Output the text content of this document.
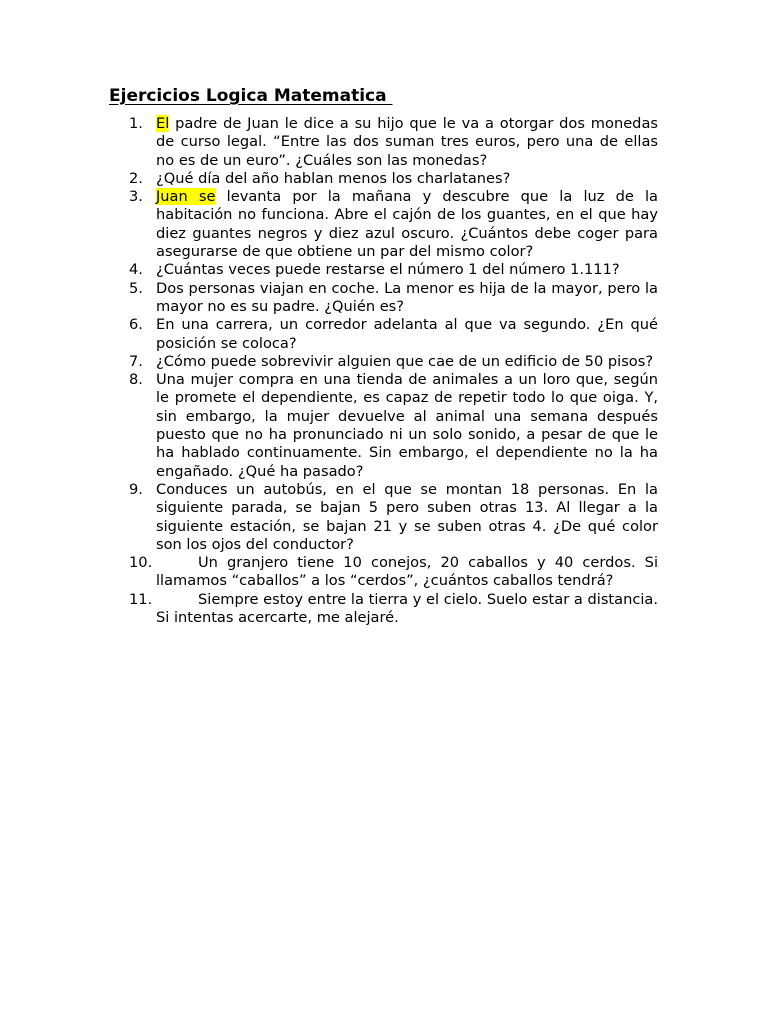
Ejercicios Logica Matematica
1. El padre de Juan le dice a su hijo que le va a otorgar dos monedas de curso legal. “Entre las dos suman tres euros, pero una de ellas no es de un euro”. ¿Cuáles son las monedas?
2. ¿Qué día del año hablan menos los charlatanes?
3. Juan se levanta por la mañana y descubre que la luz de la habitación no funciona. Abre el cajón de los guantes, en el que hay diez guantes negros y diez azul oscuro. ¿Cuántos debe coger para asegurarse de que obtiene un par del mismo color?
4. ¿Cuántas veces puede restarse el número 1 del número 1.111?
5. Dos personas viajan en coche. La menor es hija de la mayor, pero la mayor no es su padre. ¿Quién es?
6. En una carrera, un corredor adelanta al que va segundo. ¿En qué posición se coloca?
7. ¿Cómo puede sobrevivir alguien que cae de un edificio de 50 pisos?
8. Una mujer compra en una tienda de animales a un loro que, según le promete el dependiente, es capaz de repetir todo lo que oiga. Y, sin embargo, la mujer devuelve al animal una semana después puesto que no ha pronunciado ni un solo sonido, a pesar de que le ha hablado continuamente. Sin embargo, el dependiente no la ha engañado. ¿Qué ha pasado?
9. Conduces un autobús, en el que se montan 18 personas. En la siguiente parada, se bajan 5 pero suben otras 13. Al llegar a la siguiente estación, se bajan 21 y se suben otras 4. ¿De qué color son los ojos del conductor?
10.	Un granjero tiene 10 conejos, 20 caballos y 40 cerdos. Si llamamos “caballos” a los “cerdos”, ¿cuántos caballos tendrá?
11.	Siempre estoy entre la tierra y el cielo. Suelo estar a distancia. Si intentas acercarte, me alejaré.
